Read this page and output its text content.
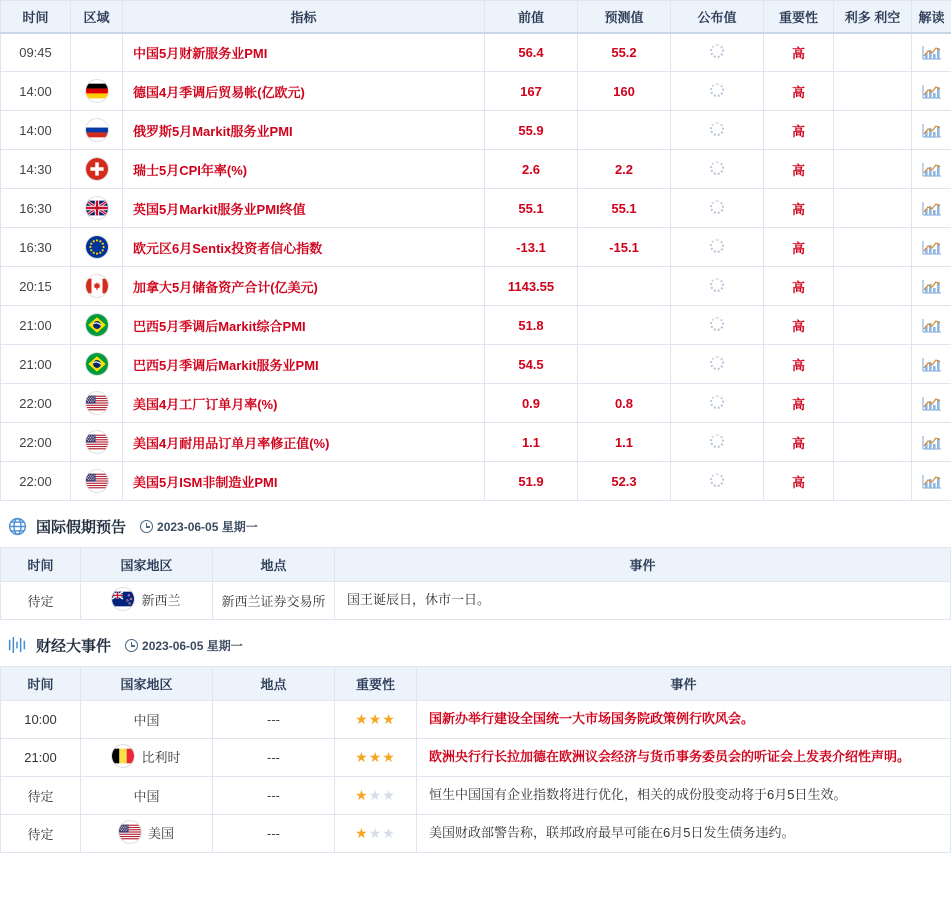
时间	区域	指标	前值	预测值	公布值	重要性	利多 利空	解读
09:45		中国5月财新服务业PMI	56.4	55.2		高		

14:00		德国4月季调后贸易帐(亿欧元)	167	160		高		

14:00		俄罗斯5月Markit服务业PMI	55.9			高		

14:30		瑞士5月CPI年率(%)	2.6	2.2		高		

16:30		英国5月Markit服务业PMI终值	55.1	55.1		高		

16:30		欧元区6月Sentix投资者信心指数	-13.1	-15.1		高		

20:15		加拿大5月储备资产合计(亿美元)	1143.55			高		

21:00		巴西5月季调后Markit综合PMI	51.8			高		

21:00		巴西5月季调后Markit服务业PMI	54.5			高		

22:00		美国4月工厂订单月率(%)	0.9	0.8		高		

22:00		美国4月耐用品订单月率修正值(%)	1.1	1.1		高		

22:00		美国5月ISM非制造业PMI	51.9	52.3		高		
国际假期预告	2023-06-05 星期一
时间	国家地区	地点	事件
待定	新西兰	新西兰证券交易所	国王诞辰日，休市一日。
财经大事件	2023-06-05 星期一
时间	国家地区	地点	重要性	事件
10:00	中国	---	★★★	国新办举行建设全国统一大市场国务院政策例行吹风会。
21:00	比利时	---	★★★	欧洲央行行长拉加德在欧洲议会经济与货币事务委员会的听证会上发表介绍性声明。
待定	中国	---	★★★	恒生中国国有企业指数将进行优化，相关的成份股变动将于6月5日生效。
待定	美国	---	★★★	美国财政部警告称，联邦政府最早可能在6月5日发生债务违约。
